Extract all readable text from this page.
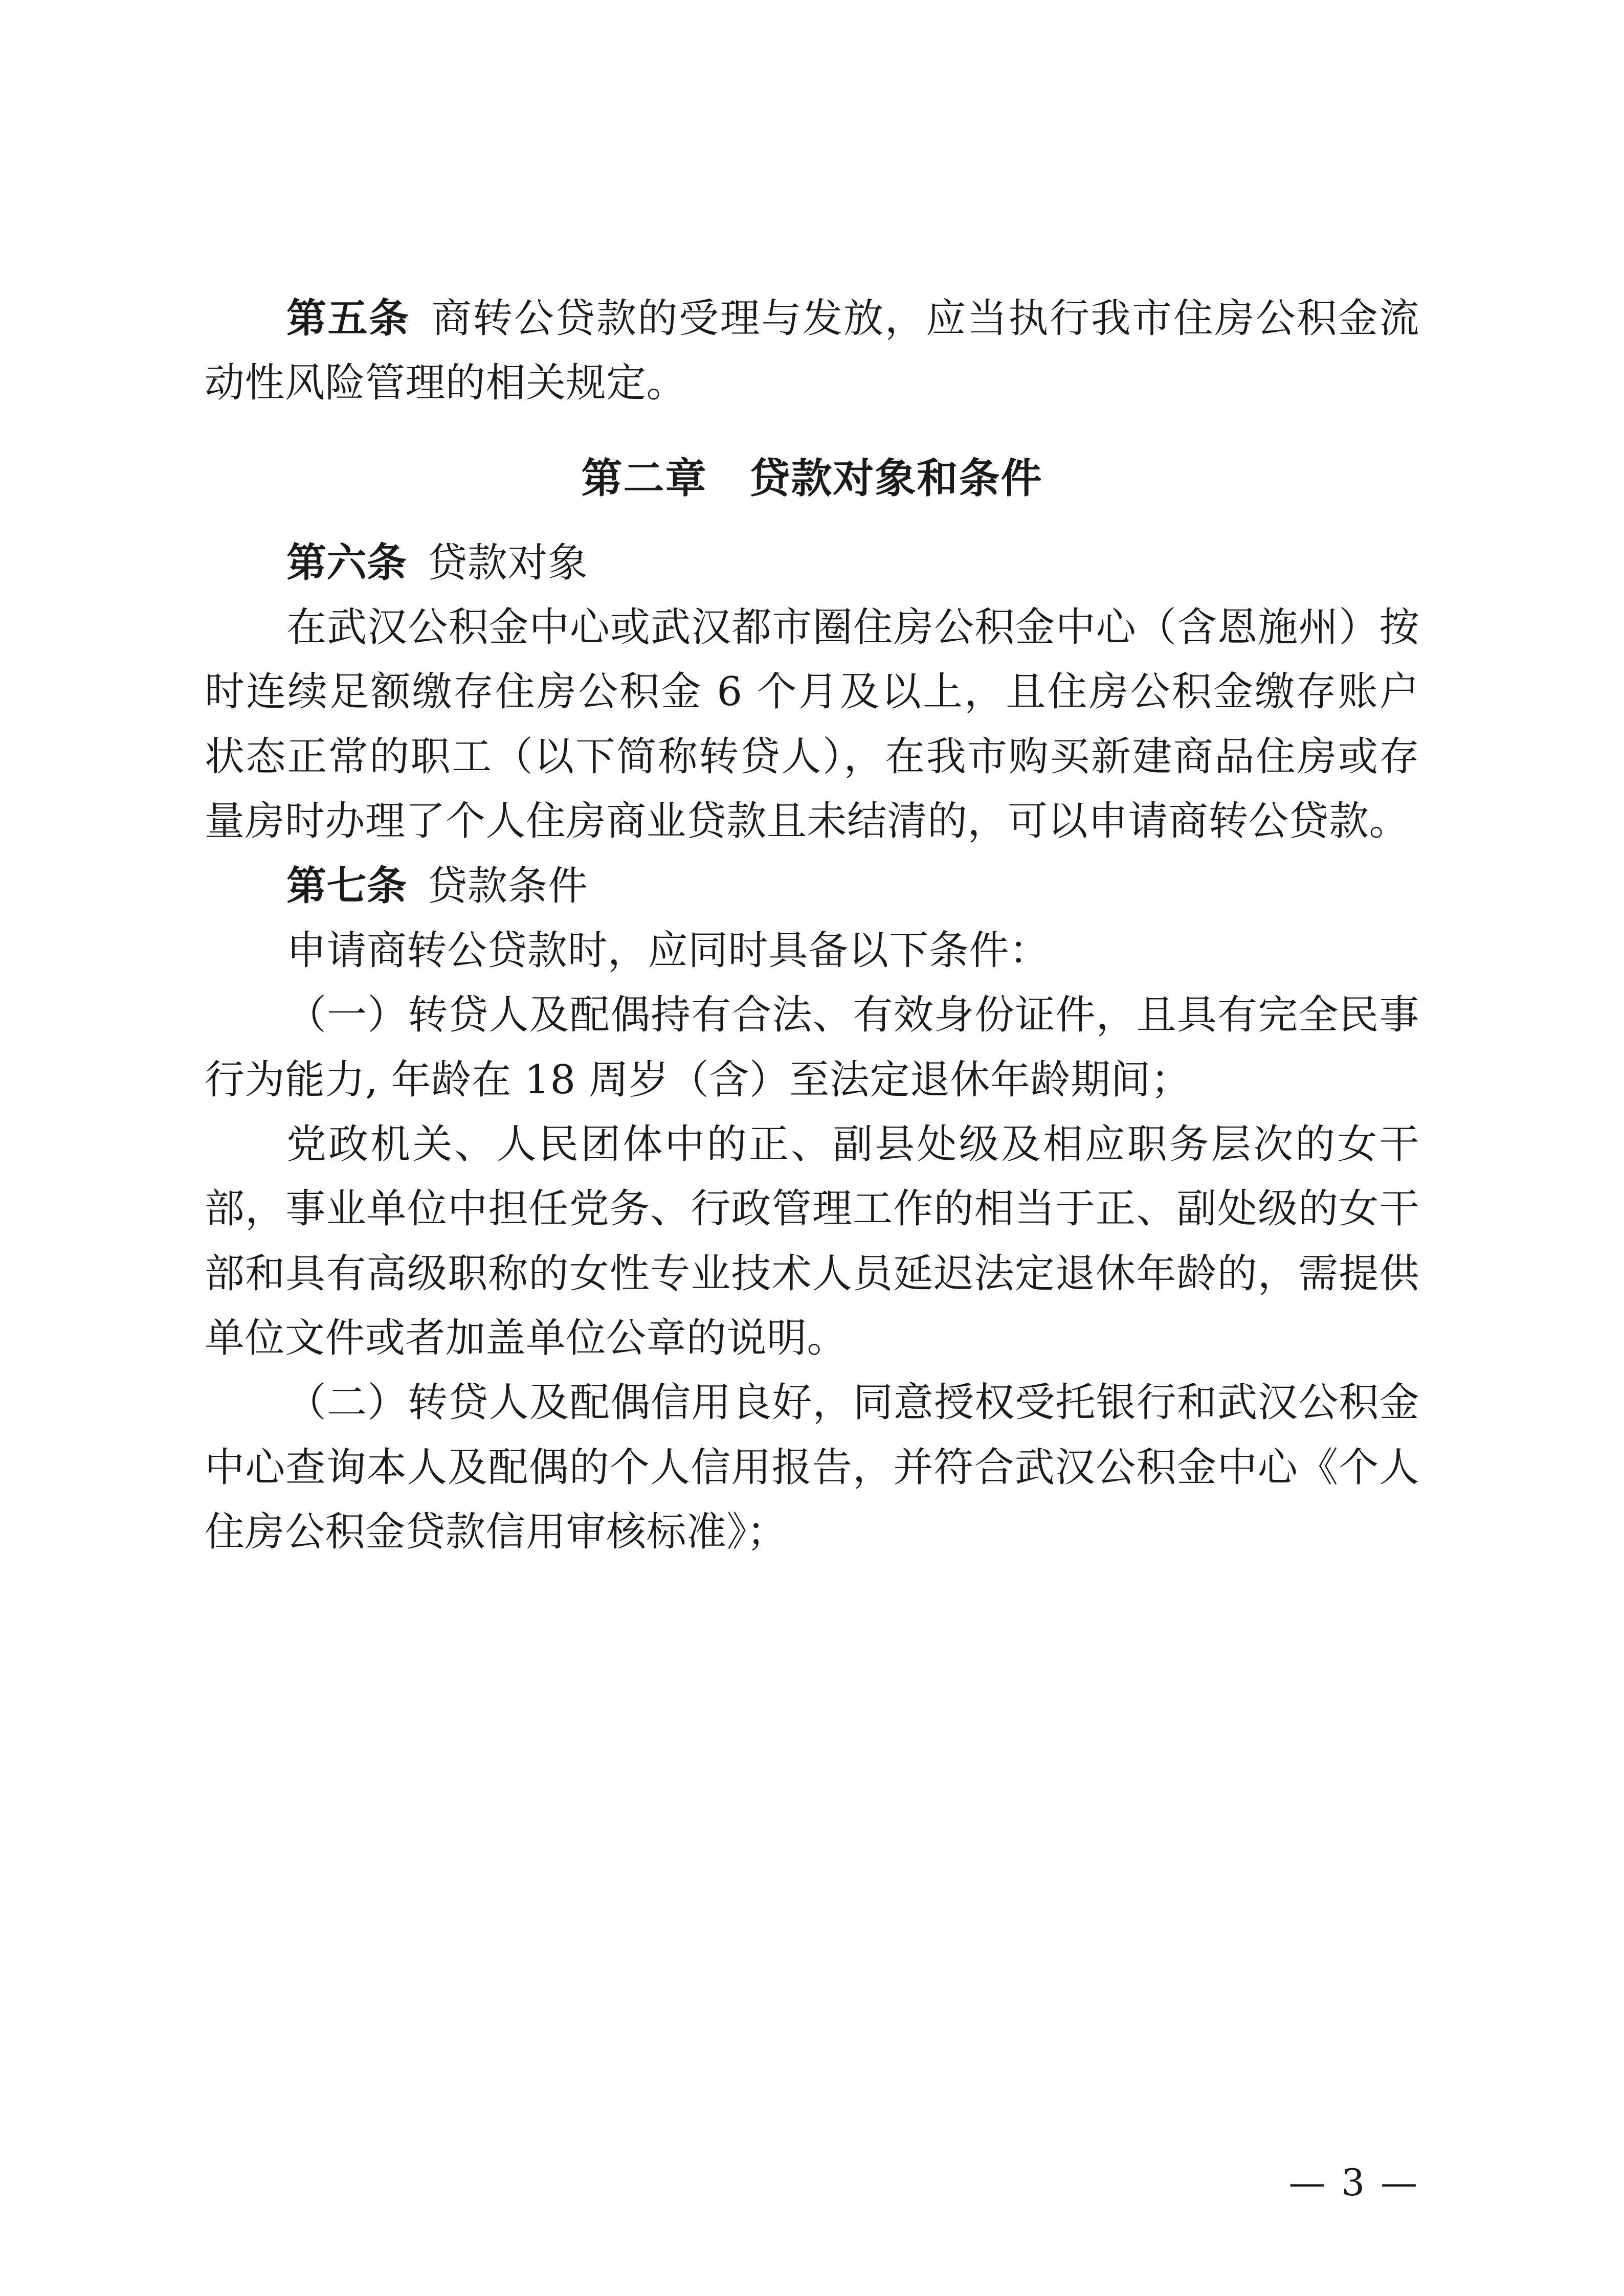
第五条 商转公贷款的受理与发放，应当执行我市住房公积金流动性风险管理的相关规定。

第二章　贷款对象和条件

第六条 贷款对象

在武汉公积金中心或武汉都市圈住房公积金中心（含恩施州）按时连续足额缴存住房公积金 6 个月及以上，且住房公积金缴存账户状态正常的职工（以下简称转贷人），在我市购买新建商品住房或存量房时办理了个人住房商业贷款且未结清的，可以申请商转公贷款。

第七条 贷款条件

申请商转公贷款时，应同时具备以下条件：

（一）转贷人及配偶持有合法、有效身份证件，且具有完全民事行为能力, 年龄在 18 周岁（含）至法定退休年龄期间；

党政机关、人民团体中的正、副县处级及相应职务层次的女干部，事业单位中担任党务、行政管理工作的相当于正、副处级的女干部和具有高级职称的女性专业技术人员延迟法定退休年龄的，需提供单位文件或者加盖单位公章的说明。

（二）转贷人及配偶信用良好，同意授权受托银行和武汉公积金中心查询本人及配偶的个人信用报告，并符合武汉公积金中心《个人住房公积金贷款信用审核标准》；

— 3 —
